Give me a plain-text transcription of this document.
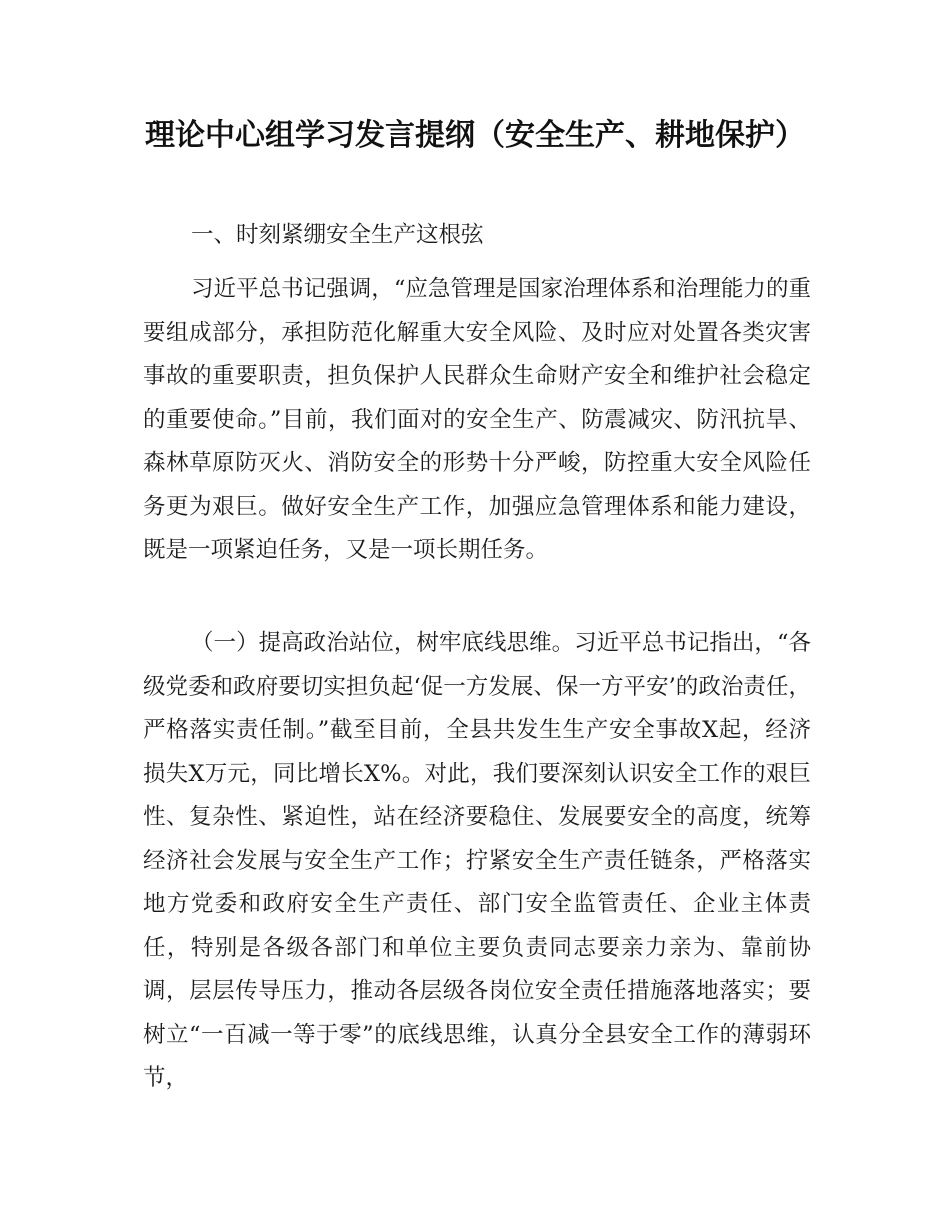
理论中心组学习发言提纲（安全生产、耕地保护）

一、时刻紧绷安全生产这根弦

习近平总书记强调，“应急管理是国家治理体系和治理能力的重要组成部分，承担防范化解重大安全风险、及时应对处置各类灾害事故的重要职责，担负保护人民群众生命财产安全和维护社会稳定的重要使命。”目前，我们面对的安全生产、防震减灾、防汛抗旱、森林草原防灭火、消防安全的形势十分严峻，防控重大安全风险任务更为艰巨。做好安全生产工作，加强应急管理体系和能力建设，既是一项紧迫任务，又是一项长期任务。

（一）提高政治站位，树牢底线思维。习近平总书记指出，“各级党委和政府要切实担负起‘促一方发展、保一方平安’的政治责任，严格落实责任制。”截至目前，全县共发生生产安全事故X起，经济损失X万元，同比增长X%。对此，我们要深刻认识安全工作的艰巨性、复杂性、紧迫性，站在经济要稳住、发展要安全的高度，统筹经济社会发展与安全生产工作；拧紧安全生产责任链条，严格落实地方党委和政府安全生产责任、部门安全监管责任、企业主体责任，特别是各级各部门和单位主要负责同志要亲力亲为、靠前协调，层层传导压力，推动各层级各岗位安全责任措施落地落实；要树立“一百减一等于零”的底线思维，认真分全县安全工作的薄弱环节，
